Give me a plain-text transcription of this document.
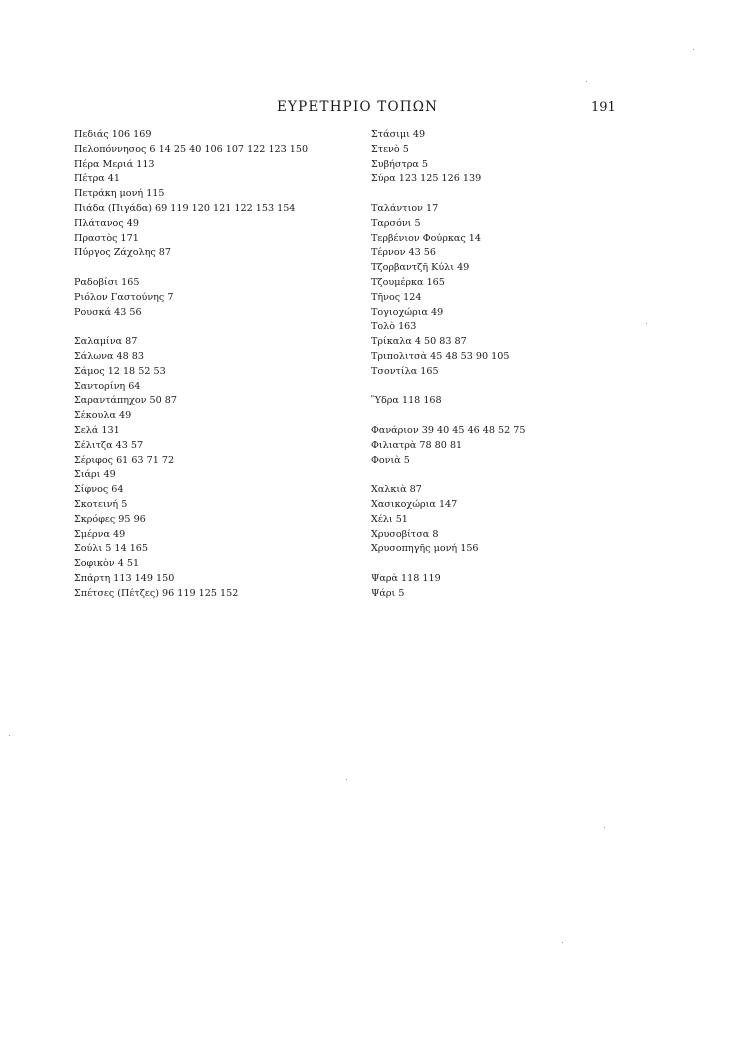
ΕΥΡΕΤΗΡΙΟ ΤΟΠΩΝ	191
Πεδιάς 106 169
Πελοπόννησος 6 14 25 40 106 107 122 123 150
Πέρα Μεριά 113
Πέτρα 41
Πετράκη μονή 115
Πιάδα (Πιγάδα) 69 119 120 121 122 153 154
Πλάτανος 49
Πραστὸς 171
Πύργος Ζάχολης 87
Ραδοβίσι 165
Ριόλον Γαστούνης 7
Ρουσκά 43 56
Σαλαμίνα 87
Σάλωνα 48 83
Σάμος 12 18 52 53
Σαντορίνη 64
Σαραντάπηχον 50 87
Σέκουλα 49
Σελά 131
Σέλιτζα 43 57
Σέριφος 61 63 71 72
Σιάρι 49
Σίφνος 64
Σκοτεινή 5
Σκρόφες 95 96
Σμέρνα 49
Σούλι 5 14 165
Σοφικὸν 4 51
Σπάρτη 113 149 150
Σπέτσες (Πέτζες) 96 119 125 152
Στάσιμι 49
Στενὸ 5
Συβήστρα 5
Σύρα 123 125 126 139
Ταλάντιον 17
Ταρσόνι 5
Τερβένιον Φούρκας 14
Τέρνον 43 56
Τζορβαντζῆ Κύλι 49
Τζουμέρκα 165
Τῆνος 124
Τογιοχώρια 49
Τολὸ 163
Τρίκαλα 4 50 83 87
Τριπολιτσὰ 45 48 53 90 105
Τσοντίλα 165
Ὕδρα 118 168
Φανάριον 39 40 45 46 48 52 75
Φιλιατρὰ 78 80 81
Φονιὰ 5
Χαλκιὰ 87
Χασικοχώρια 147
Χέλι 51
Χρυσοβίτσα 8
Χρυσοπηγῆς μονή 156
Ψαρὰ 118 119
Ψάρι 5
